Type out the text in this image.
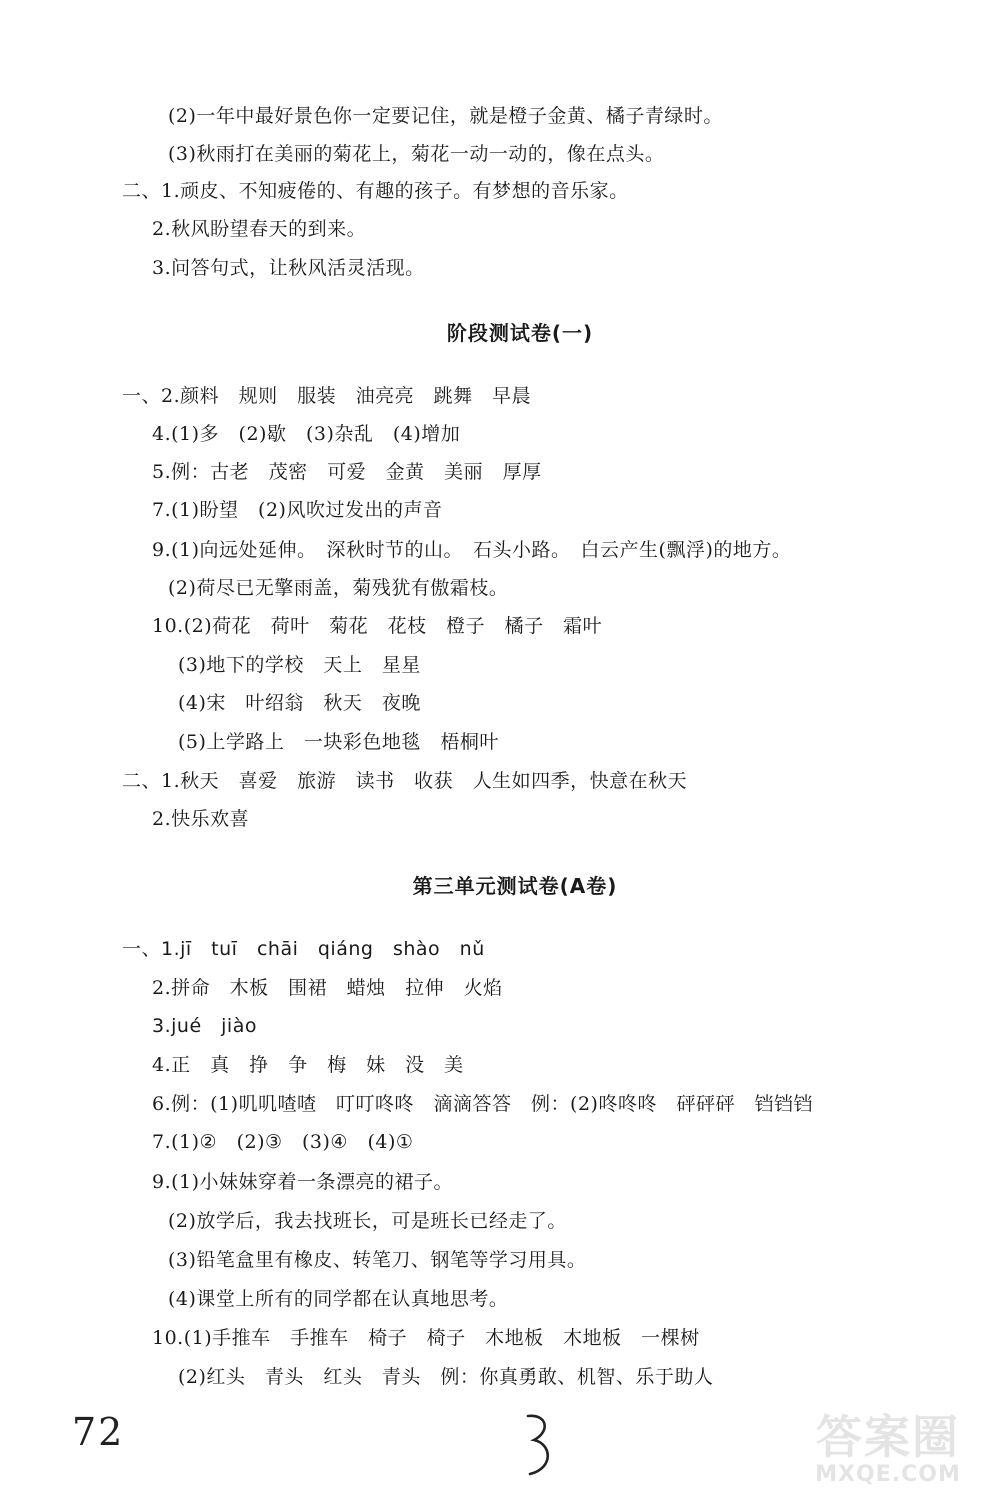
(2)一年中最好景色你一定要记住，就是橙子金黄、橘子青绿时。
(3)秋雨打在美丽的菊花上，菊花一动一动的，像在点头。
二、1.顽皮、不知疲倦的、有趣的孩子。有梦想的音乐家。
2.秋风盼望春天的到来。
3.问答句式，让秋风活灵活现。
阶段测试卷(一)
一、2.颜料　规则　服装　油亮亮　跳舞　早晨
4.(1)多　(2)歇　(3)杂乱　(4)增加
5.例：古老　茂密　可爱　金黄　美丽　厚厚
7.(1)盼望　(2)风吹过发出的声音
9.(1)向远处延伸。　深秋时节的山。　石头小路。　白云产生(飘浮)的地方。
(2)荷尽已无擎雨盖，菊残犹有傲霜枝。
10.(2)荷花　荷叶　菊花　花枝　橙子　橘子　霜叶
(3)地下的学校　天上　星星
(4)宋　叶绍翁　秋天　夜晚
(5)上学路上　一块彩色地毯　梧桐叶
二、1.秋天　喜爱　旅游　读书　收获　人生如四季，快意在秋天
2.快乐欢喜
第三单元测试卷(A卷)
一、1.jī　tuī　chāi　qiáng　shào　nǔ
2.拼命　木板　围裙　蜡烛　拉伸　火焰
3.jué　jiào
4.正　真　挣　争　梅　妹　没　美
6.例：(1)叽叽喳喳　叮叮咚咚　滴滴答答　例：(2)咚咚咚　砰砰砰　铛铛铛
7.(1)②　(2)③　(3)④　(4)①
9.(1)小妹妹穿着一条漂亮的裙子。
(2)放学后，我去找班长，可是班长已经走了。
(3)铅笔盒里有橡皮、转笔刀、钢笔等学习用具。
(4)课堂上所有的同学都在认真地思考。
10.(1)手推车　手推车　椅子　椅子　木地板　木地板　一棵树
(2)红头　青头　红头　青头　例：你真勇敢、机智、乐于助人
72	答案圈
MXQE.COM
